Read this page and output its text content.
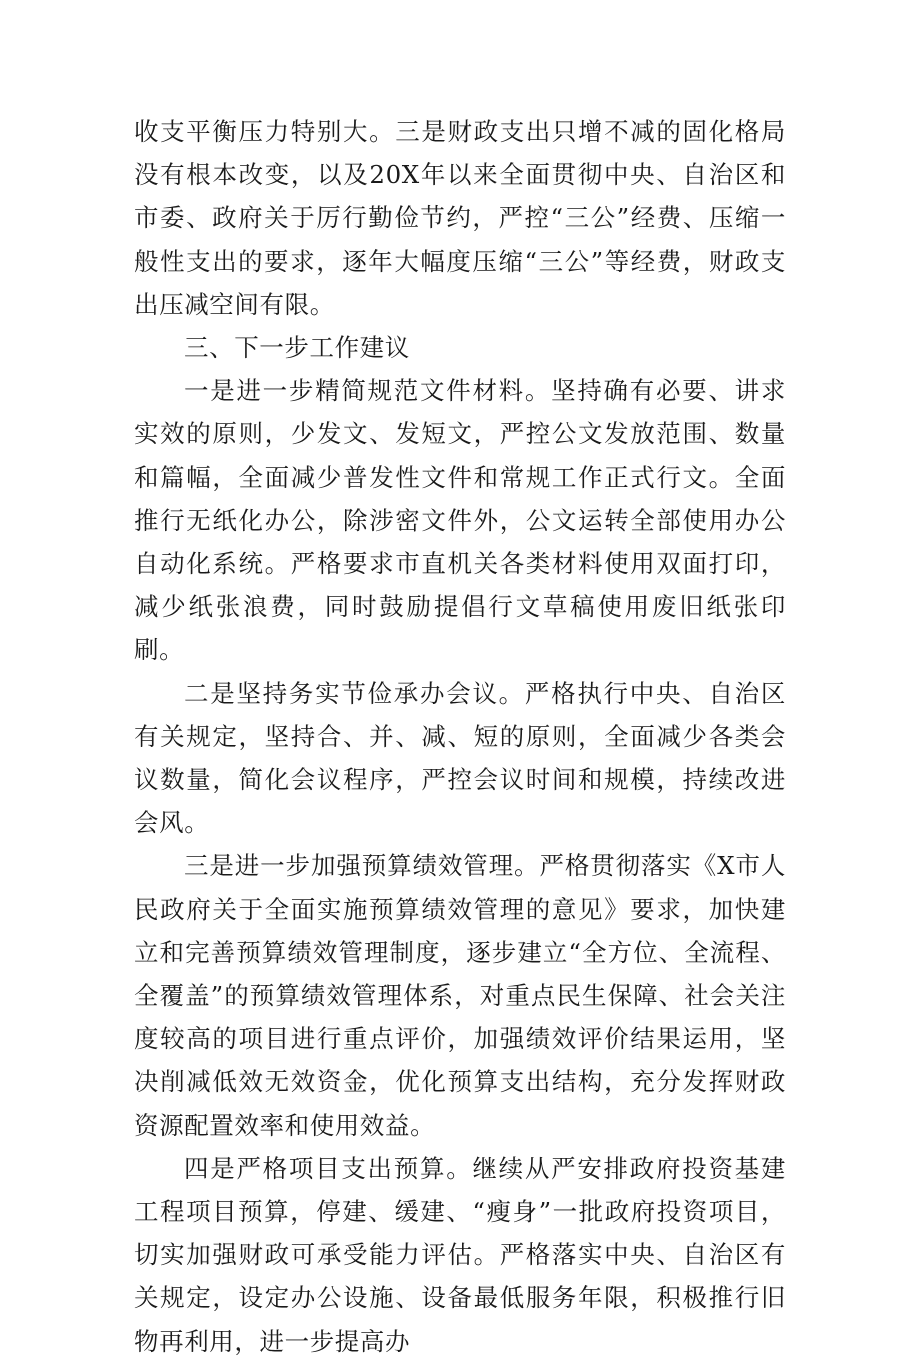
收支平衡压力特别大。三是财政支出只增不减的固化格局没有根本改变，以及20X年以来全面贯彻中央、自治区和市委、政府关于厉行勤俭节约，严控“三公”经费、压缩一般性支出的要求，逐年大幅度压缩“三公”等经费，财政支出压减空间有限。

三、下一步工作建议

一是进一步精简规范文件材料。坚持确有必要、讲求实效的原则，少发文、发短文，严控公文发放范围、数量和篇幅，全面减少普发性文件和常规工作正式行文。全面推行无纸化办公，除涉密文件外，公文运转全部使用办公自动化系统。严格要求市直机关各类材料使用双面打印，减少纸张浪费，同时鼓励提倡行文草稿使用废旧纸张印刷。

二是坚持务实节俭承办会议。严格执行中央、自治区有关规定，坚持合、并、减、短的原则，全面减少各类会议数量，简化会议程序，严控会议时间和规模，持续改进会风。

三是进一步加强预算绩效管理。严格贯彻落实《X市人民政府关于全面实施预算绩效管理的意见》要求，加快建立和完善预算绩效管理制度，逐步建立“全方位、全流程、全覆盖”的预算绩效管理体系，对重点民生保障、社会关注度较高的项目进行重点评价，加强绩效评价结果运用，坚决削减低效无效资金，优化预算支出结构，充分发挥财政资源配置效率和使用效益。

四是严格项目支出预算。继续从严安排政府投资基建工程项目预算，停建、缓建、“瘦身”一批政府投资项目，切实加强财政可承受能力评估。严格落实中央、自治区有关规定，设定办公设施、设备最低服务年限，积极推行旧物再利用，进一步提高办
